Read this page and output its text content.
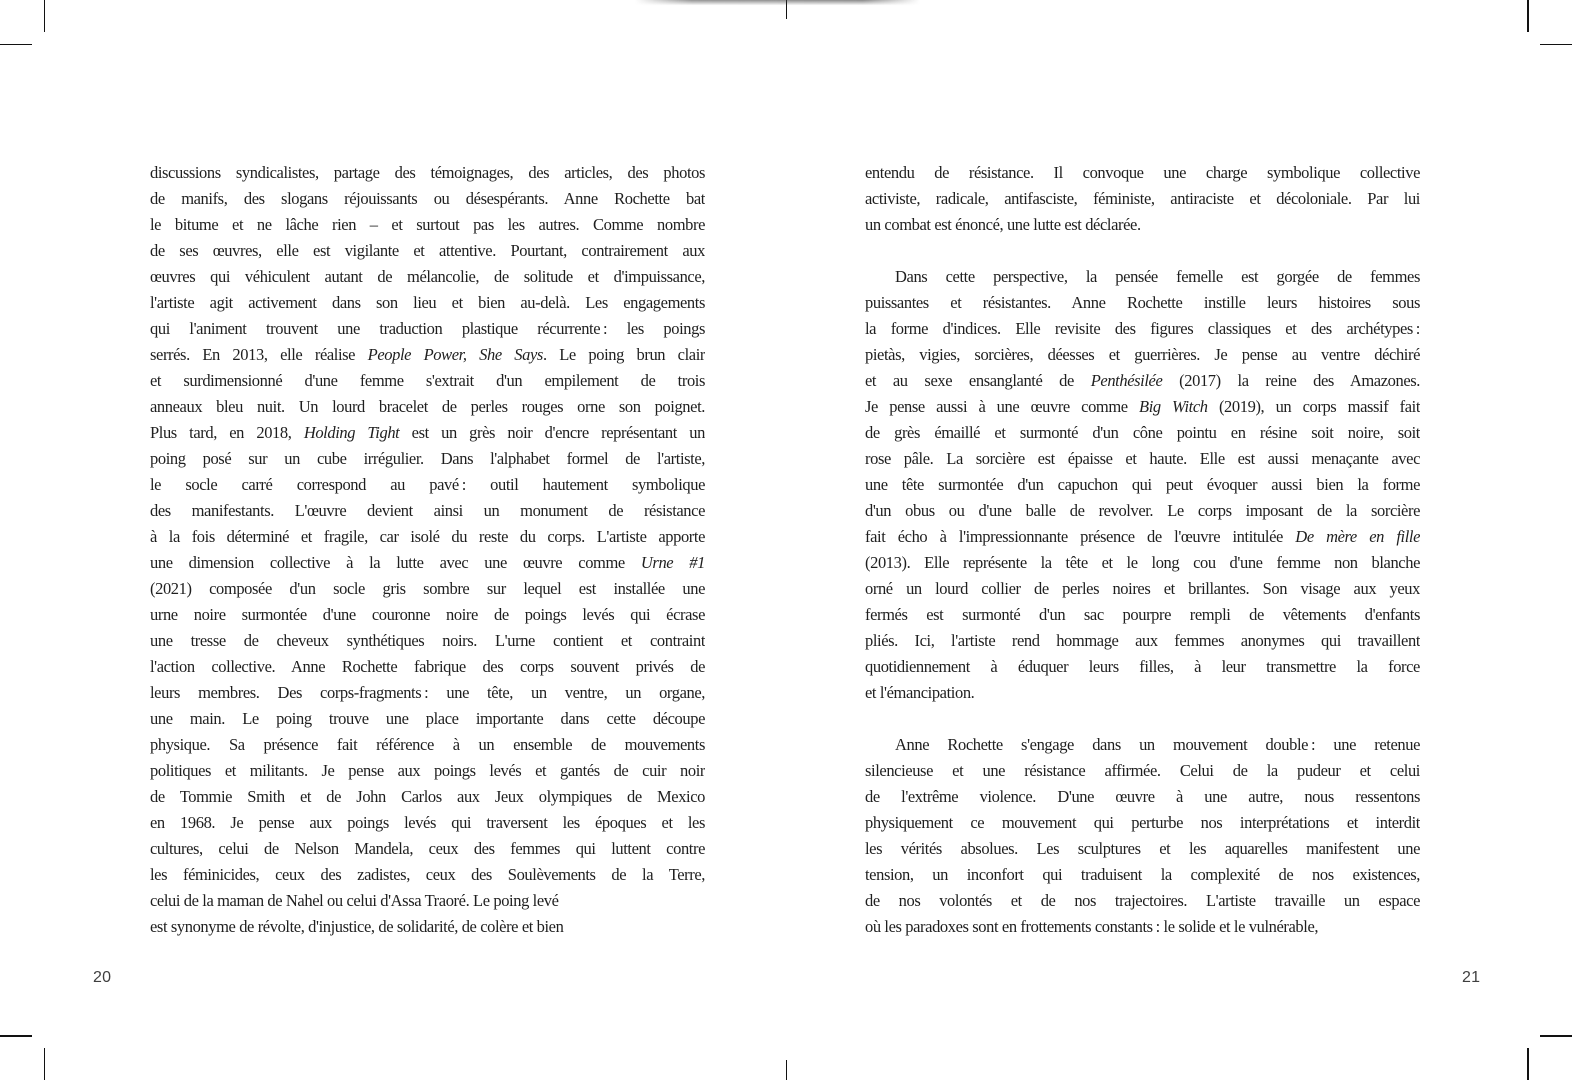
discussions syndicalistes, partage des témoignages, des articles, des photos
de manifs, des slogans réjouissants ou désespérants. Anne Rochette bat
le bitume et ne lâche rien – et surtout pas les autres. Comme nombre
de ses œuvres, elle est vigilante et attentive. Pourtant, contrairement aux
œuvres qui véhiculent autant de mélancolie, de solitude et d'impuissance,
l'artiste agit activement dans son lieu et bien au-delà. Les engagements
qui l'animent trouvent une traduction plastique récurrente : les poings
serrés. En 2013, elle réalise People Power, She Says. Le poing brun clair
et surdimensionné d'une femme s'extrait d'un empilement de trois
anneaux bleu nuit. Un lourd bracelet de perles rouges orne son poignet.
Plus tard, en 2018, Holding Tight est un grès noir d'encre représentant un
poing posé sur un cube irrégulier. Dans l'alphabet formel de l'artiste,
le socle carré correspond au pavé : outil hautement symbolique
des manifestants. L'œuvre devient ainsi un monument de résistance
à la fois déterminé et fragile, car isolé du reste du corps. L'artiste apporte
une dimension collective à la lutte avec une œuvre comme Urne #1
(2021) composée d'un socle gris sombre sur lequel est installée une
urne noire surmontée d'une couronne noire de poings levés qui écrase
une tresse de cheveux synthétiques noirs. L'urne contient et contraint
l'action collective. Anne Rochette fabrique des corps souvent privés de
leurs membres. Des corps-fragments : une tête, un ventre, un organe,
une main. Le poing trouve une place importante dans cette découpe
physique. Sa présence fait référence à un ensemble de mouvements
politiques et militants. Je pense aux poings levés et gantés de cuir noir
de Tommie Smith et de John Carlos aux Jeux olympiques de Mexico
en 1968. Je pense aux poings levés qui traversent les époques et les
cultures, celui de Nelson Mandela, ceux des femmes qui luttent contre
les féminicides, ceux des zadistes, ceux des Soulèvements de la Terre,
celui de la maman de Nahel ou celui d'Assa Traoré. Le poing levé
est synonyme de révolte, d'injustice, de solidarité, de colère et bien
entendu de résistance. Il convoque une charge symbolique collective
activiste, radicale, antifasciste, féministe, antiraciste et décoloniale. Par lui
un combat est énoncé, une lutte est déclarée.
Dans cette perspective, la pensée femelle est gorgée de femmes
puissantes et résistantes. Anne Rochette instille leurs histoires sous
la forme d'indices. Elle revisite des figures classiques et des archétypes :
pietàs, vigies, sorcières, déesses et guerrières. Je pense au ventre déchiré
et au sexe ensanglanté de Penthésilée (2017) la reine des Amazones.
Je pense aussi à une œuvre comme Big Witch (2019), un corps massif fait
de grès émaillé et surmonté d'un cône pointu en résine soit noire, soit
rose pâle. La sorcière est épaisse et haute. Elle est aussi menaçante avec
une tête surmontée d'un capuchon qui peut évoquer aussi bien la forme
d'un obus ou d'une balle de revolver. Le corps imposant de la sorcière
fait écho à l'impressionnante présence de l'œuvre intitulée De mère en fille
(2013). Elle représente la tête et le long cou d'une femme non blanche
orné un lourd collier de perles noires et brillantes. Son visage aux yeux
fermés est surmonté d'un sac pourpre rempli de vêtements d'enfants
pliés. Ici, l'artiste rend hommage aux femmes anonymes qui travaillent
quotidiennement à éduquer leurs filles, à leur transmettre la force
et l'émancipation.
Anne Rochette s'engage dans un mouvement double : une retenue
silencieuse et une résistance affirmée. Celui de la pudeur et celui
de l'extrême violence. D'une œuvre à une autre, nous ressentons
physiquement ce mouvement qui perturbe nos interprétations et interdit
les vérités absolues. Les sculptures et les aquarelles manifestent une
tension, un inconfort qui traduisent la complexité de nos existences,
de nos volontés et de nos trajectoires. L'artiste travaille un espace
où les paradoxes sont en frottements constants : le solide et le vulnérable,
20	21
